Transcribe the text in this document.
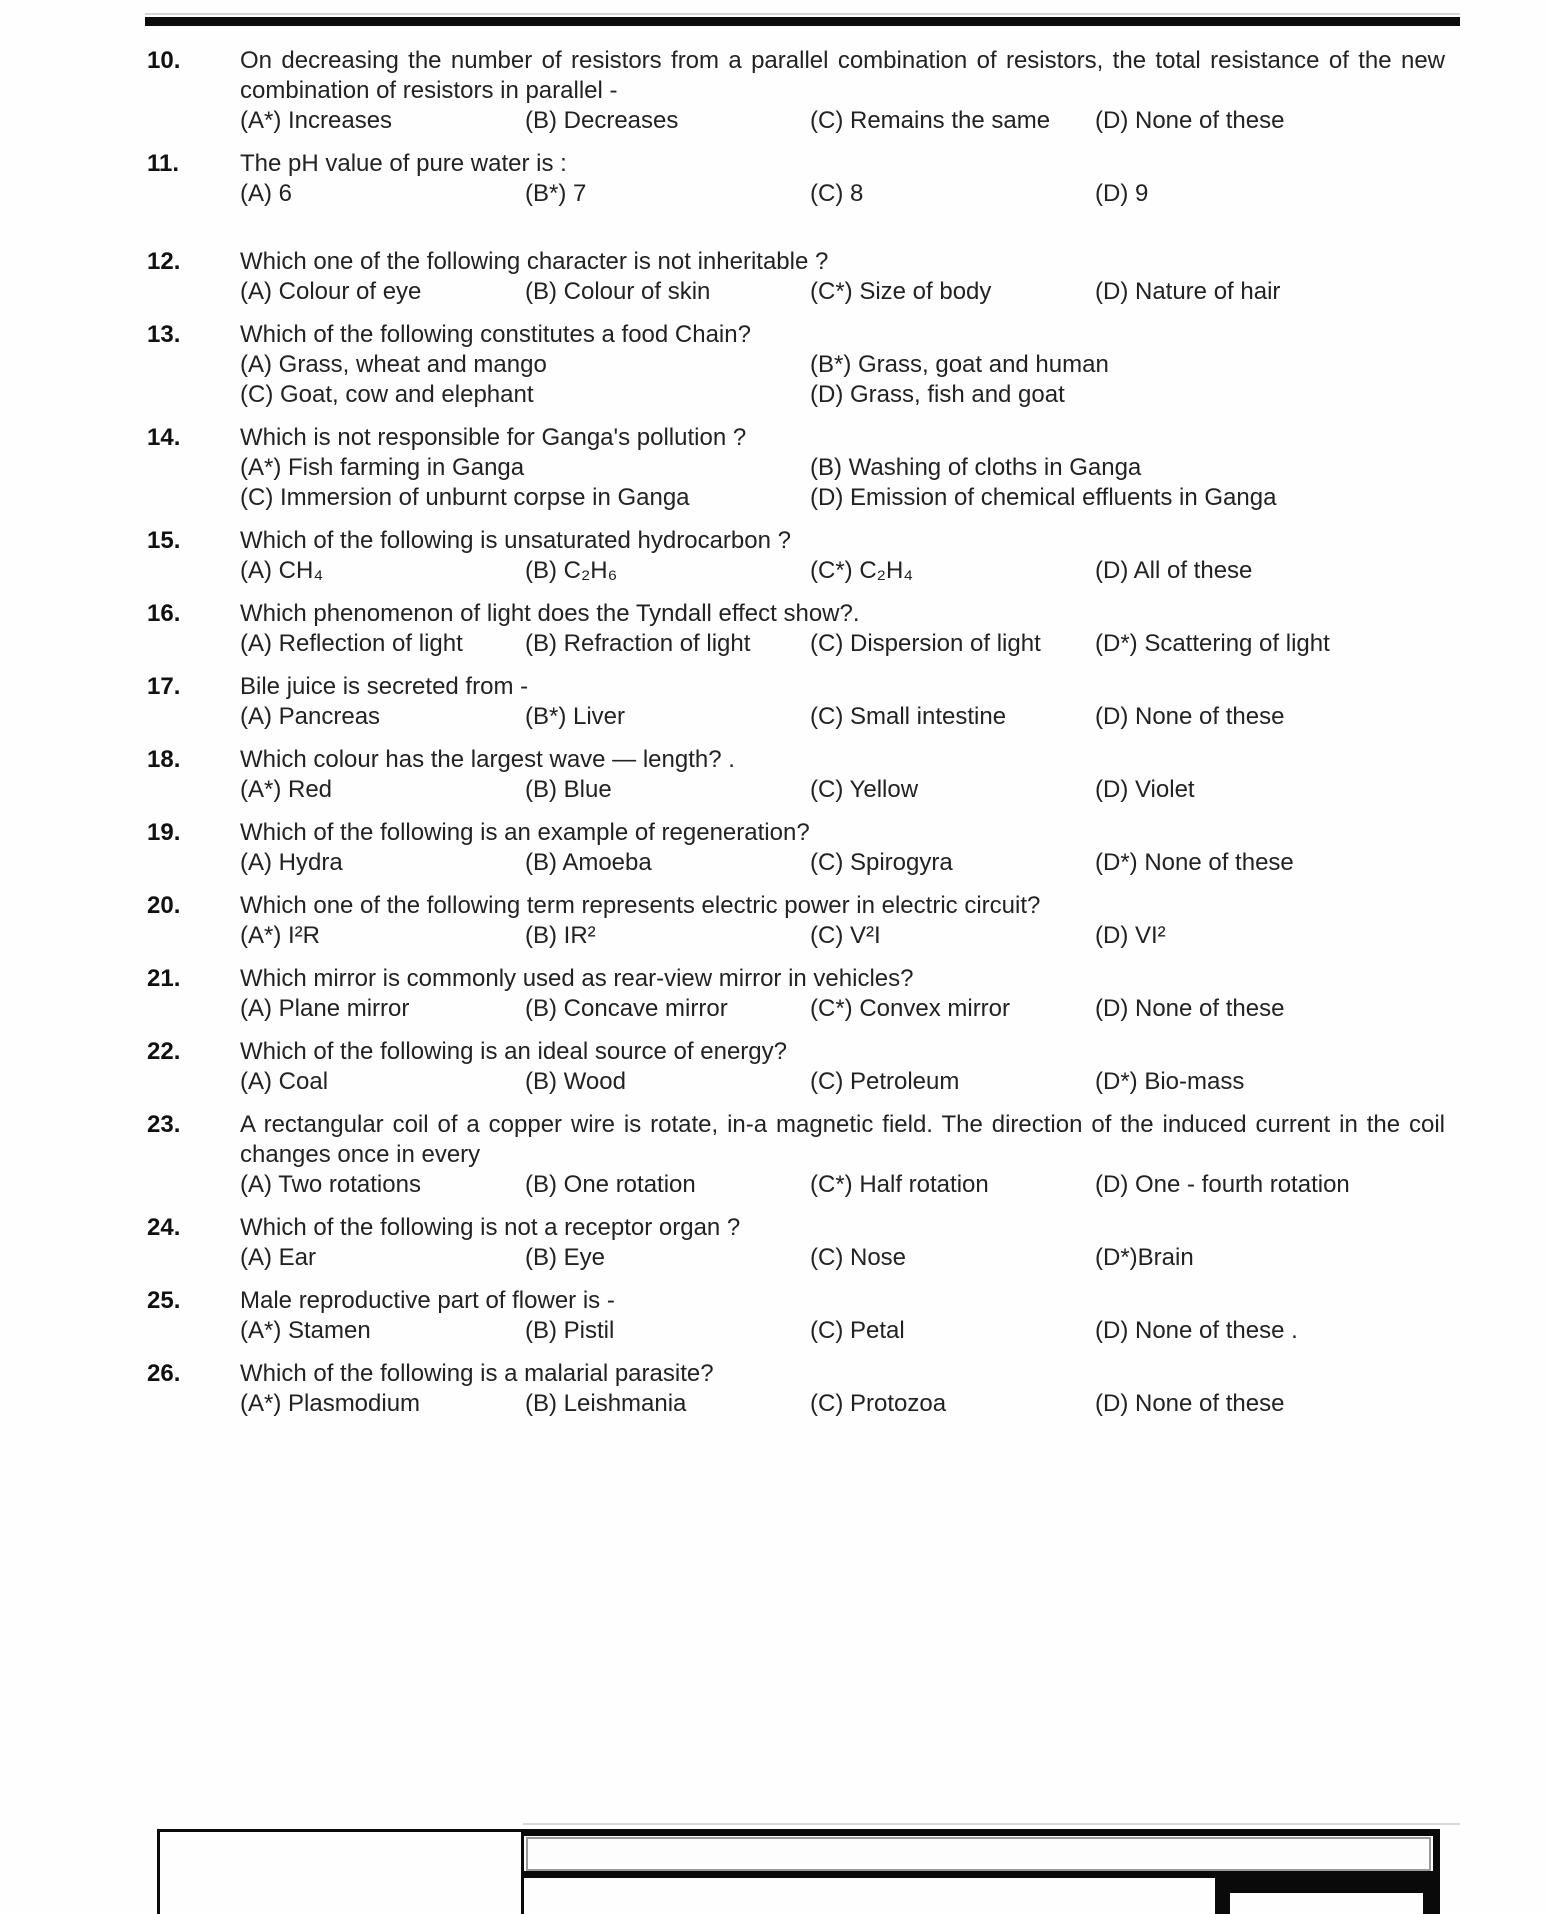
10.	On decreasing the number of resistors from a parallel combination of resistors, the total resistance of the new combination of resistors in parallel -

(A*) Increases	(B) Decreases	(C) Remains the same	(D) None of these
11.	The pH value of pure water is :

(A) 6	(B*) 7	(C) 8	(D) 9
12.	Which one of the following character is not inheritable ?

(A) Colour of eye	(B) Colour of skin	(C*) Size of body	(D) Nature of hair
13.	Which of the following constitutes a food Chain?

(A) Grass, wheat and mango	(B*) Grass, goat and human
(C) Goat, cow and elephant	(D) Grass, fish and goat
14.	Which is not responsible for Ganga's pollution ?

(A*) Fish farming in Ganga	(B) Washing of cloths in Ganga
(C) Immersion of unburnt corpse in Ganga	(D) Emission of chemical effluents in Ganga
15.	Which of the following is unsaturated hydrocarbon ?

(A) CH₄	(B) C₂H₆	(C*) C₂H₄	(D) All of these
16.	Which phenomenon of light does the Tyndall effect show?.

(A) Reflection of light	(B) Refraction of light	(C) Dispersion of light	(D*) Scattering of light
17.	Bile juice is secreted from -

(A) Pancreas	(B*) Liver	(C) Small intestine	(D) None of these
18.	Which colour has the largest wave — length? .

(A*) Red	(B) Blue	(C) Yellow	(D) Violet
19.	Which of the following is an example of regeneration?

(A) Hydra	(B) Amoeba	(C) Spirogyra	(D*) None of these
20.	Which one of the following term represents electric power in electric circuit?

(A*) I²R	(B) IR²	(C) V²I	(D) VI²
21.	Which mirror is commonly used as rear-view mirror in vehicles?

(A) Plane mirror	(B) Concave mirror	(C*) Convex mirror	(D) None of these
22.	Which of the following is an ideal source of energy?

(A) Coal	(B) Wood	(C) Petroleum	(D*) Bio-mass
23.	A rectangular coil of a copper wire is rotate, in-a magnetic field. The direction of the induced current in the coil changes once in every

(A) Two rotations	(B) One rotation	(C*) Half rotation	(D) One - fourth rotation
24.	Which of the following is not a receptor organ ?

(A) Ear	(B) Eye	(C) Nose	(D*)Brain
25.	Male reproductive part of flower is -

(A*) Stamen	(B) Pistil	(C) Petal	(D) None of these .
26.	Which of the following is a malarial parasite?

(A*) Plasmodium	(B) Leishmania	(C) Protozoa	(D) None of these
